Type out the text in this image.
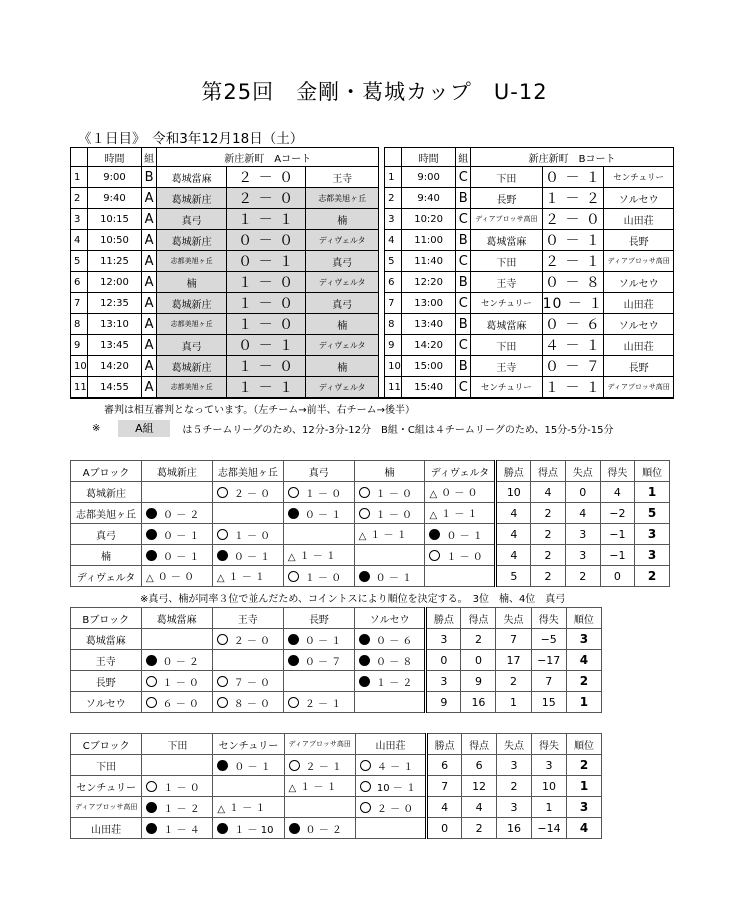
第25回　金剛・葛城カップ　U-12
《１日目》　令和3年12月18日（土）
	時間	組	新庄新町　Aコート					時間	組	新庄新町　Bコート		
1	9:00	B	葛城當麻	２ － ０	王寺		1	9:00	C	下田	０ － １	センチュリー
2	9:40	A	葛城新庄	２ － ０	志都美旭ヶ丘		2	9:40	B	長野	１ － ２	ソルセウ
3	10:15	A	真弓	１ － １	楠		3	10:20	C	ディアブロッサ高田	２ － ０	山田荘
4	10:50	A	葛城新庄	０ － ０	ディヴェルタ		4	11:00	B	葛城當麻	０ － １	長野
5	11:25	A	志都美旭ヶ丘	０ － １	真弓		5	11:40	C	下田	２ － １	ディアブロッサ高田
6	12:00	A	楠	１ － ０	ディヴェルタ		6	12:20	B	王寺	０ － ８	ソルセウ
7	12:35	A	葛城新庄	１ － ０	真弓		7	13:00	C	センチュリー	10 － １	山田荘
8	13:10	A	志都美旭ヶ丘	１ － ０	楠		8	13:40	B	葛城當麻	０ － ６	ソルセウ
9	13:45	A	真弓	０ － １	ディヴェルタ		9	14:20	C	下田	４ － １	山田荘
10	14:20	A	葛城新庄	１ － ０	楠		10	15:00	B	王寺	０ － ７	長野
11	14:55	A	志都美旭ヶ丘	１ － １	ディヴェルタ		11	15:40	C	センチュリー	１ － １	ディアブロッサ高田
審判は相互審判となっています。（左チーム→前半、右チーム→後半）
※	A組	は５チームリーグのため、12分-3分-12分　B組・C組は４チームリーグのため、15分-5分-15分
Aブロック	葛城新庄	志都美旭ヶ丘	真弓	楠	ディヴェルタ	勝点	得点	失点	得失	順位
葛城新庄		２ － ０	１ － ０	１ － ０	△ ０ － ０	10	4	0	4	1
志都美旭ヶ丘	０ － ２		０ － １	１ － ０	△ １ － １	4	2	4	−2	5
真弓	０ － １	１ － ０		△ １ － １	０ － １	4	2	3	−1	3
楠	０ － １	０ － １	△ １ － １		１ － ０	4	2	3	−1	3
ディヴェルタ	△ ０ － ０	△ １ － １	１ － ０	０ － １		5	2	2	0	2
※真弓、楠が同率３位で並んだため、コイントスにより順位を決定する。　3位　楠、4位　真弓
Bブロック	葛城當麻	王寺	長野	ソルセウ	勝点	得点	失点	得失	順位
葛城當麻		２ － ０	０ － １	０ － ６	3	2	7	−5	3
王寺	０ － ２		０ － ７	０ － ８	0	0	17	−17	4
長野	１ － ０	７ － ０		１ － ２	3	9	2	7	2
ソルセウ	６ － ０	８ － ０	２ － １		9	16	1	15	1
Cブロック	下田	センチュリー	ディアブロッサ高田	山田荘	勝点	得点	失点	得失	順位
下田		０ － １	２ － １	４ － １	6	6	3	3	2
センチュリー	１ － ０		△ １ － １	10 － １	7	12	2	10	1
ディアブロッサ高田	１ － ２	△ １ － １		２ － ０	4	4	3	1	3
山田荘	１ － ４	１ － 10	０ － ２		0	2	16	−14	4
